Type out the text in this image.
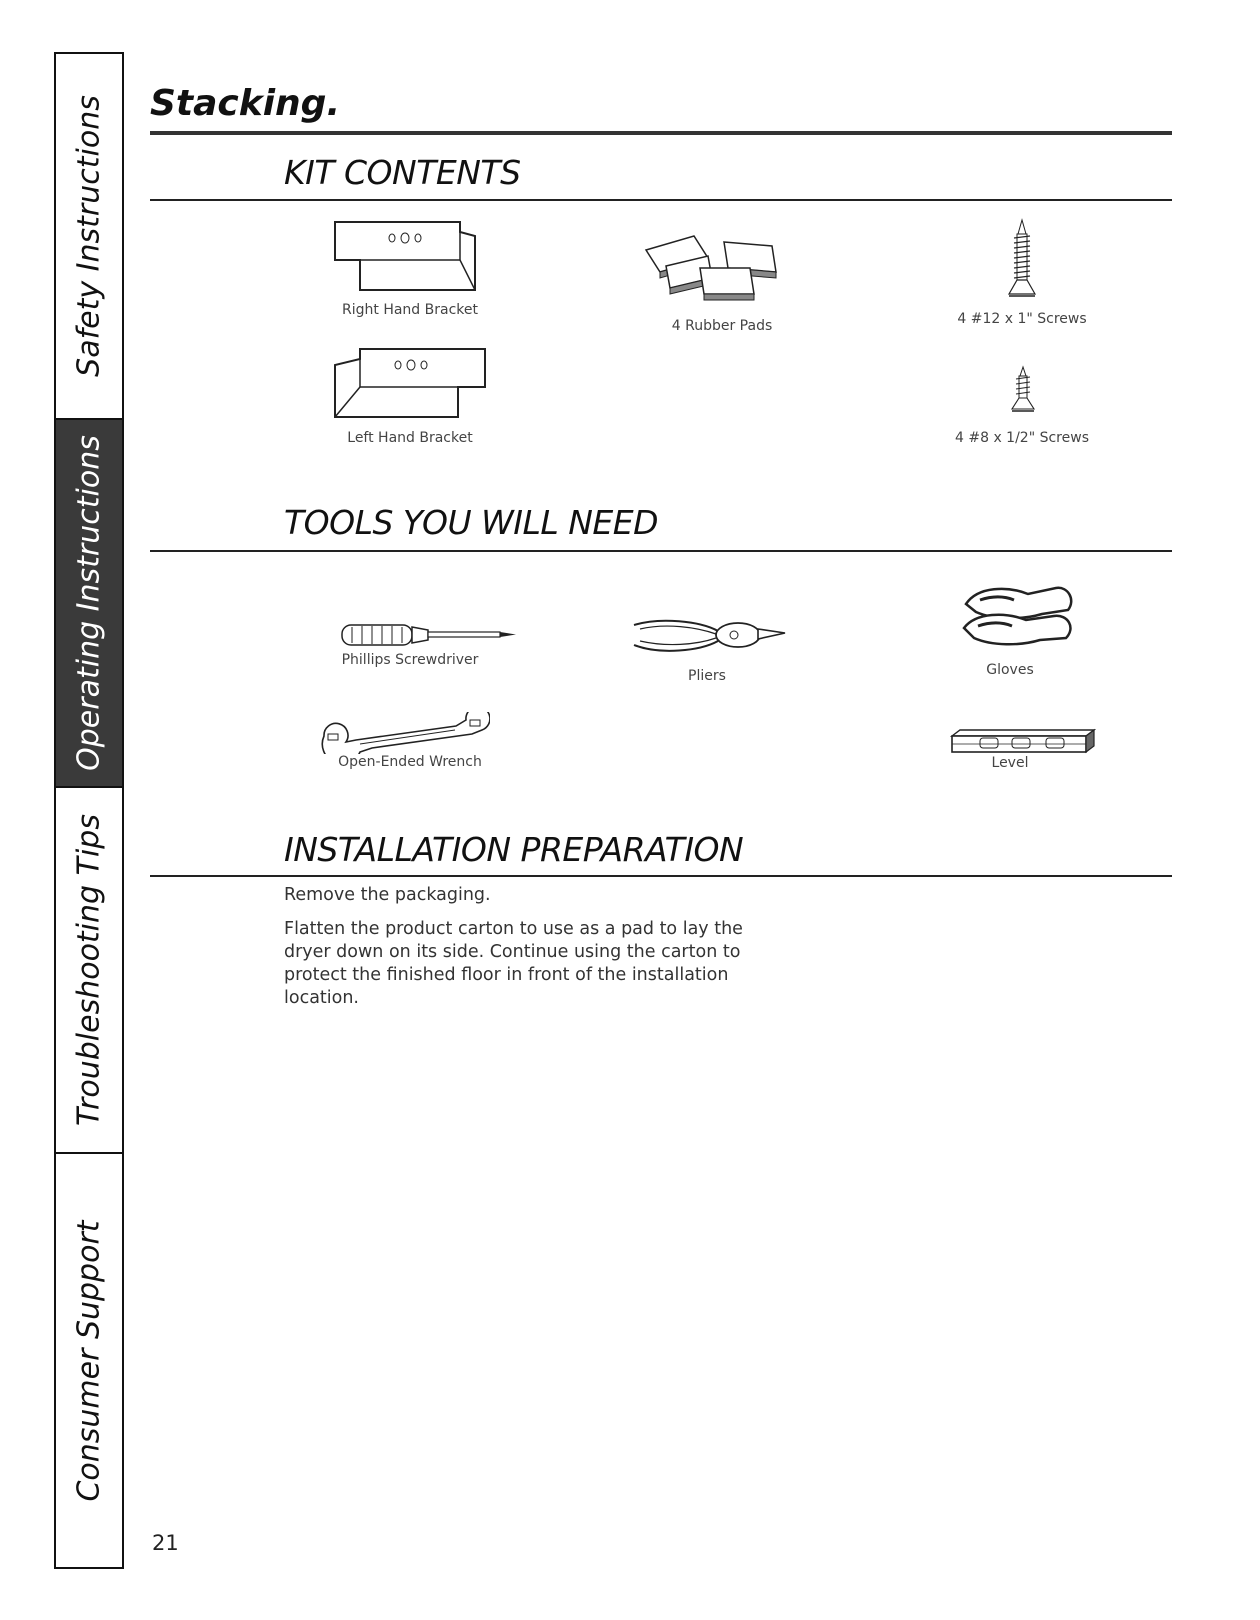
Safety Instructions
Operating Instructions
Troubleshooting Tips
Consumer Support
Stacking.
KIT CONTENTS
Right Hand Bracket
Left Hand Bracket
4 Rubber Pads	4 #12 x 1" Screws
4 #8 x 1/2" Screws
TOOLS YOU WILL NEED
Phillips Screwdriver
Open-Ended Wrench
Pliers	Gloves
Level
INSTALLATION PREPARATION

Remove the packaging.

Flatten the product carton to use as a pad to lay the dryer down on its side. Continue using the carton to protect the finished floor in front of the installation location.

21
